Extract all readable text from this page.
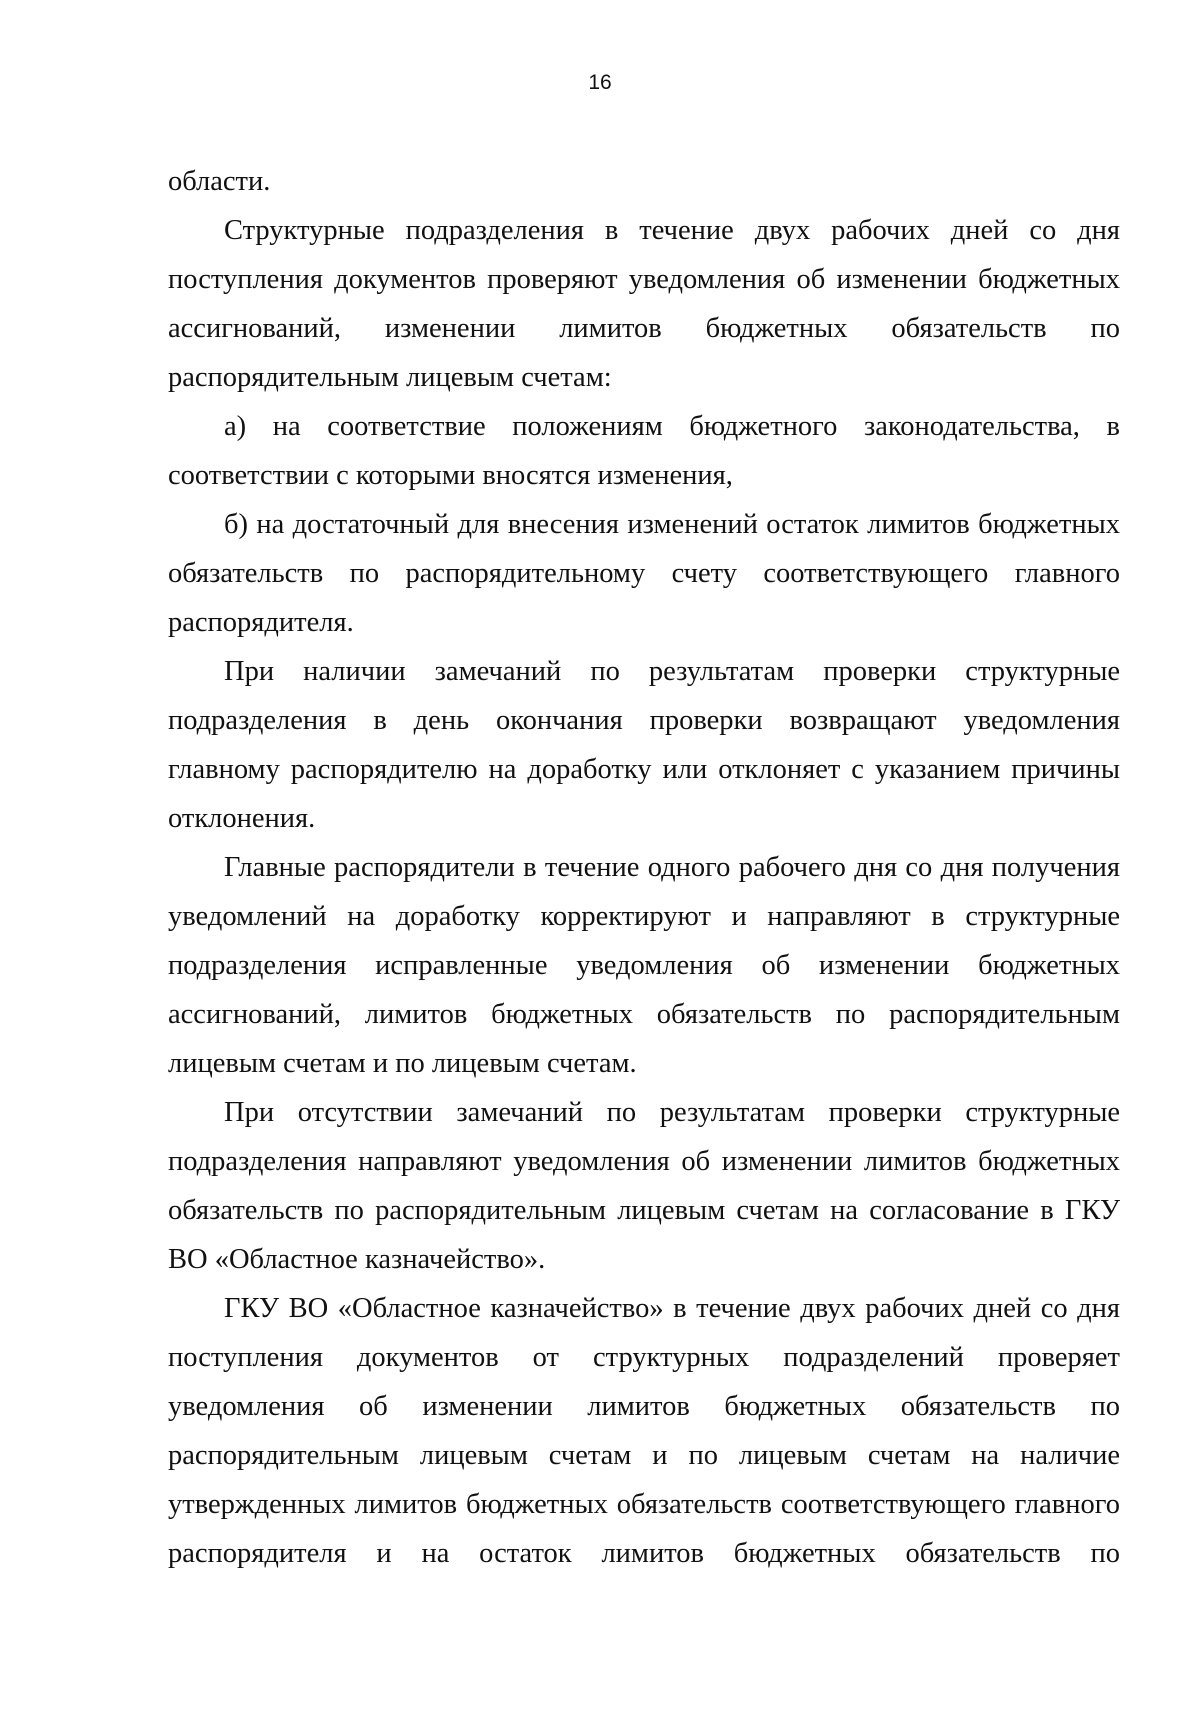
16
области.
Структурные подразделения в течение двух рабочих дней со дня
поступления документов проверяют уведомления об изменении бюджетных
ассигнований, изменении лимитов бюджетных обязательств по
распорядительным лицевым счетам:
а) на соответствие положениям бюджетного законодательства, в
соответствии с которыми вносятся изменения,
б) на достаточный для внесения изменений остаток лимитов бюджетных
обязательств по распорядительному счету соответствующего главного
распорядителя.
При наличии замечаний по результатам проверки структурные
подразделения в день окончания проверки возвращают уведомления
главному распорядителю на доработку или отклоняет с указанием причины
отклонения.
Главные распорядители в течение одного рабочего дня со дня получения
уведомлений на доработку корректируют и направляют в структурные
подразделения исправленные уведомления об изменении бюджетных
ассигнований, лимитов бюджетных обязательств по распорядительным
лицевым счетам и по лицевым счетам.
При отсутствии замечаний по результатам проверки структурные
подразделения направляют уведомления об изменении лимитов бюджетных
обязательств по распорядительным лицевым счетам на согласование в ГКУ
ВО «Областное казначейство».
ГКУ ВО «Областное казначейство» в течение двух рабочих дней со дня
поступления документов от структурных подразделений проверяет
уведомления об изменении лимитов бюджетных обязательств по
распорядительным лицевым счетам и по лицевым счетам на наличие
утвержденных лимитов бюджетных обязательств соответствующего главного
распорядителя и на остаток лимитов бюджетных обязательств по
